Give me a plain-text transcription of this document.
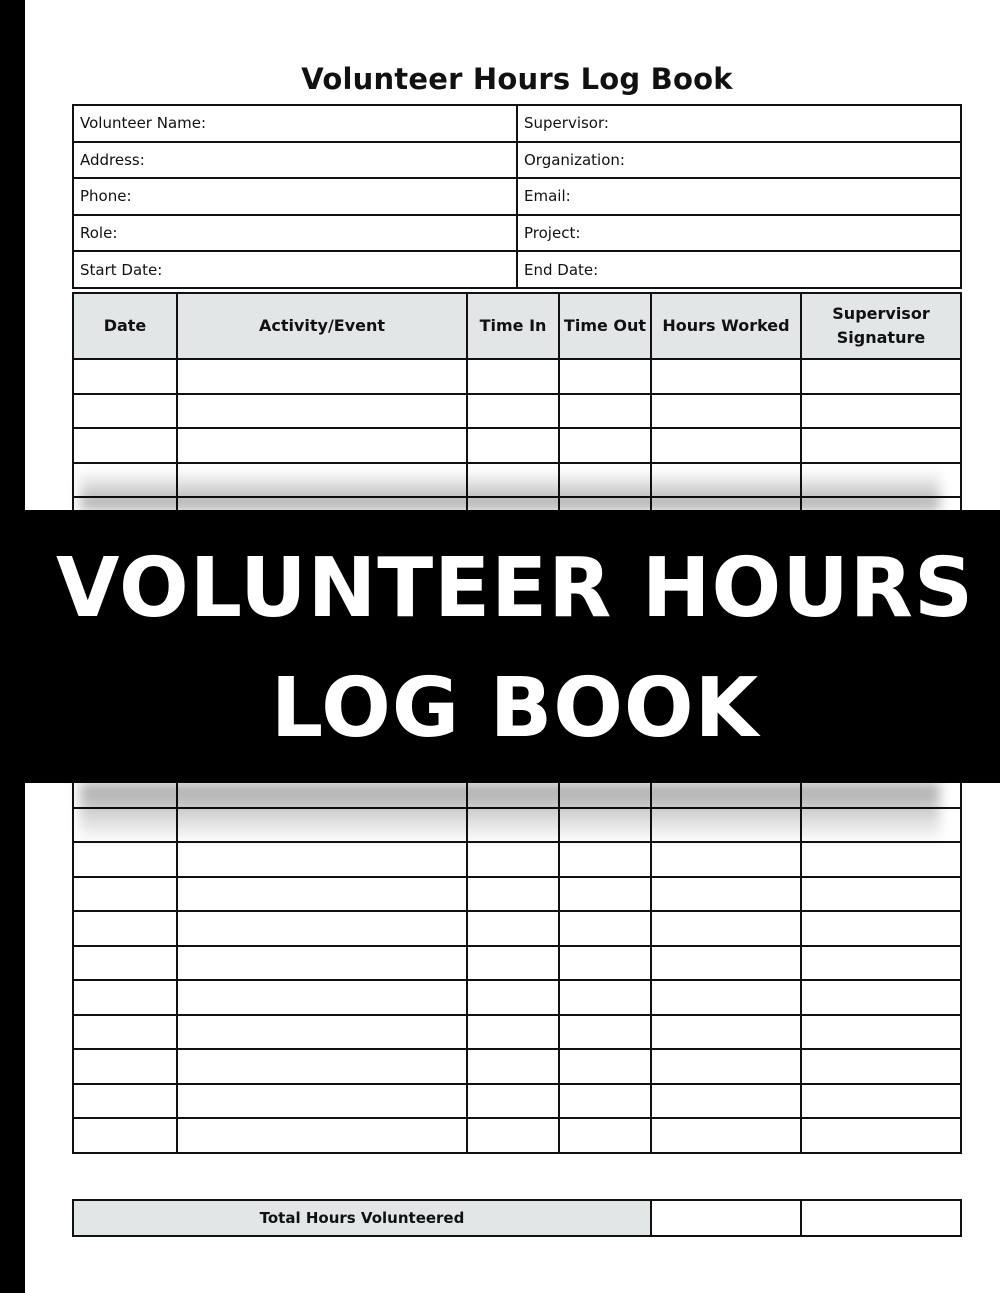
Volunteer Hours Log Book
Volunteer Name:	Supervisor:
Address:	Organization:
Phone:	Email:
Role:	Project:
Start Date:	End Date:
Date	Activity/Event	Time In	Time Out	Hours Worked	Supervisor Signature

Total Hours Volunteered		
VOLUNTEER HOURS
LOG BOOK
